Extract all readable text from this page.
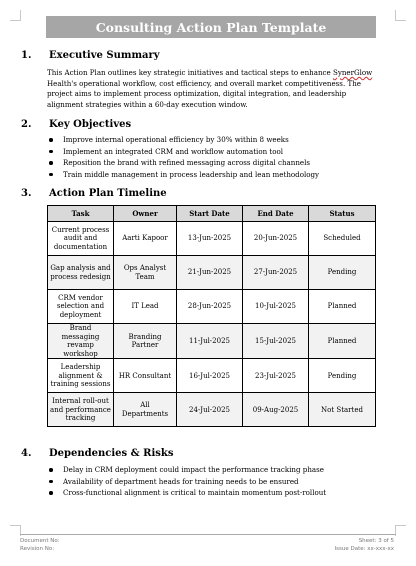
Consulting Action Plan Template
1.	Executive Summary
This Action Plan outlines key strategic initiatives and tactical steps to enhance SynerGlow Health's operational workflow, cost efficiency, and overall market competitiveness. The project aims to implement process optimization, digital integration, and leadership alignment strategies within a 60-day execution window.
2.	Key Objectives
Improve internal operational efficiency by 30% within 8 weeks
Implement an integrated CRM and workflow automation tool
Reposition the brand with refined messaging across digital channels
Train middle management in process leadership and lean methodology
3.	Action Plan Timeline
Task	Owner	Start Date	End Date	Status
Current process audit and documentation	Aarti Kapoor	13-Jun-2025	20-Jun-2025	Scheduled
Gap analysis and process redesign	Ops Analyst Team	21-Jun-2025	27-Jun-2025	Pending
CRM vendor selection and deployment	IT Lead	28-Jun-2025	10-Jul-2025	Planned
Brand messaging revamp workshop	Branding Partner	11-Jul-2025	15-Jul-2025	Planned
Leadership alignment & training sessions	HR Consultant	16-Jul-2025	23-Jul-2025	Pending
Internal roll-out and performance tracking	All Departments	24-Jul-2025	09-Aug-2025	Not Started
4.	Dependencies & Risks
Delay in CRM deployment could impact the performance tracking phase
Availability of department heads for training needs to be ensured
Cross-functional alignment is critical to maintain momentum post-rollout
Document No:
Revision No:
Sheet: 3 of 5
Issue Date: xx-xxx-xx
